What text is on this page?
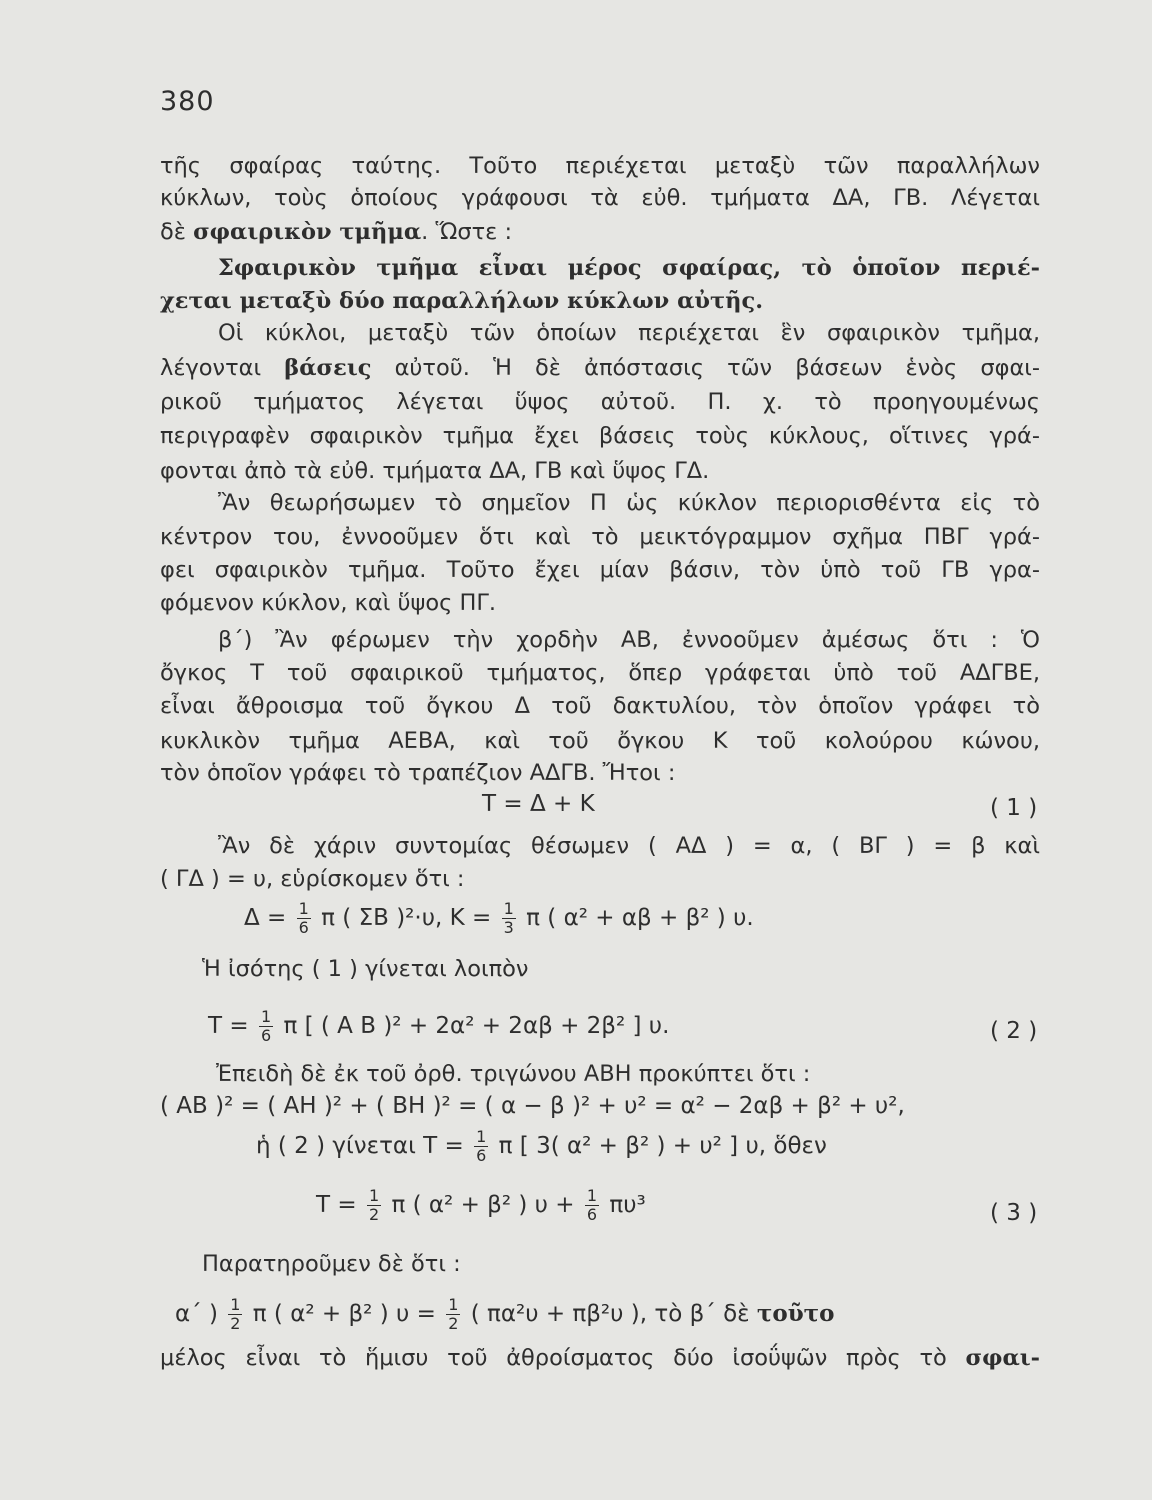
380
τῆς σφαίρας ταύτης. Τοῦτο περιέχεται μεταξὺ τῶν παραλλήλων
κύκλων, τοὺς ὁποίους γράφουσι τὰ εὐθ. τμήματα ΔΑ, ΓΒ. Λέγεται
δὲ σφαιρικὸν τμῆμα. Ὥστε :
Σφαιρικὸν τμῆμα εἶναι μέρος σφαίρας, τὸ ὁποῖον περιέ-
χεται μεταξὺ δύο παραλλήλων κύκλων αὐτῆς.
Οἱ κύκλοι, μεταξὺ τῶν ὁποίων περιέχεται ἓν σφαιρικὸν τμῆμα,
λέγονται βάσεις αὐτοῦ. Ἡ δὲ ἀπόστασις τῶν βάσεων ἑνὸς σφαι-
ρικοῦ τμήματος λέγεται ὕψος αὐτοῦ. Π. χ. τὸ προηγουμένως
περιγραφὲν σφαιρικὸν τμῆμα ἔχει βάσεις τοὺς κύκλους, οἵτινες γρά-
φονται ἀπὸ τὰ εὐθ. τμήματα ΔΑ, ΓΒ καὶ ὕψος ΓΔ.
Ἂν θεωρήσωμεν τὸ σημεῖον Π ὡς κύκλον περιορισθέντα εἰς τὸ
κέντρον του, ἐννοοῦμεν ὅτι καὶ τὸ μεικτόγραμμον σχῆμα ΠΒΓ γρά-
φει σφαιρικὸν τμῆμα. Τοῦτο ἔχει μίαν βάσιν, τὸν ὑπὸ τοῦ ΓΒ γρα-
φόμενον κύκλον, καὶ ὕψος ΠΓ.
β΄) Ἂν φέρωμεν τὴν χορδὴν ΑΒ, ἐννοοῦμεν ἀμέσως ὅτι : Ὁ
ὄγκος Τ τοῦ σφαιρικοῦ τμήματος, ὅπερ γράφεται ὑπὸ τοῦ ΑΔΓΒΕ,
εἶναι ἄθροισμα τοῦ ὄγκου Δ τοῦ δακτυλίου, τὸν ὁποῖον γράφει τὸ
κυκλικὸν τμῆμα ΑΕΒΑ, καὶ τοῦ ὄγκου Κ τοῦ κολούρου κώνου,
τὸν ὁποῖον γράφει τὸ τραπέζιον ΑΔΓΒ. Ἤτοι :
Τ = Δ + Κ	( 1 )
Ἂν δὲ χάριν συντομίας θέσωμεν ( ΑΔ ) = α, ( ΒΓ ) = β καὶ
( ΓΔ ) = υ, εὑρίσκομεν ὅτι :
$\Delta = \frac{1}{6}$ π ( ΣΒ )²·υ, $K = \frac{1}{3}$ π ( α² + αβ + β² ) υ.
Ἡ ἰσότης ( 1 ) γίνεται λοιπὸν
$T = \frac{1}{6}$ π [ ( Α Β )² + 2α² + 2αβ + 2β² ] υ.	( 2 )
Ἐπειδὴ δὲ ἐκ τοῦ ὀρθ. τριγώνου ΑΒΗ προκύπτει ὅτι :
( ΑΒ )² = ( ΑΗ )² + ( ΒΗ )² = ( α − β )² + υ² = α² − 2αβ + β² + υ²,
ἡ ( 2 ) γίνεται $T = \frac{1}{6}$ π [ 3( α² + β² ) + υ² ] υ, ὅθεν
$T = \frac{1}{2}$ π ( α² + β² ) $\upsilon + \frac{1}{6} \pi\upsilon^3$	( 3 )
Παρατηροῦμεν δὲ ὅτι :
α΄ ) $\frac{1}{2}$ π ( α² + β² ) $\upsilon = \frac{1}{2}$ ( πα²υ + πβ²υ ), τὸ β΄ δὲ τοῦτο
μέλος εἶναι τὸ ἥμισυ τοῦ ἀθροίσματος δύο ἰσοΰψῶν πρὸς τὸ σφαι-
